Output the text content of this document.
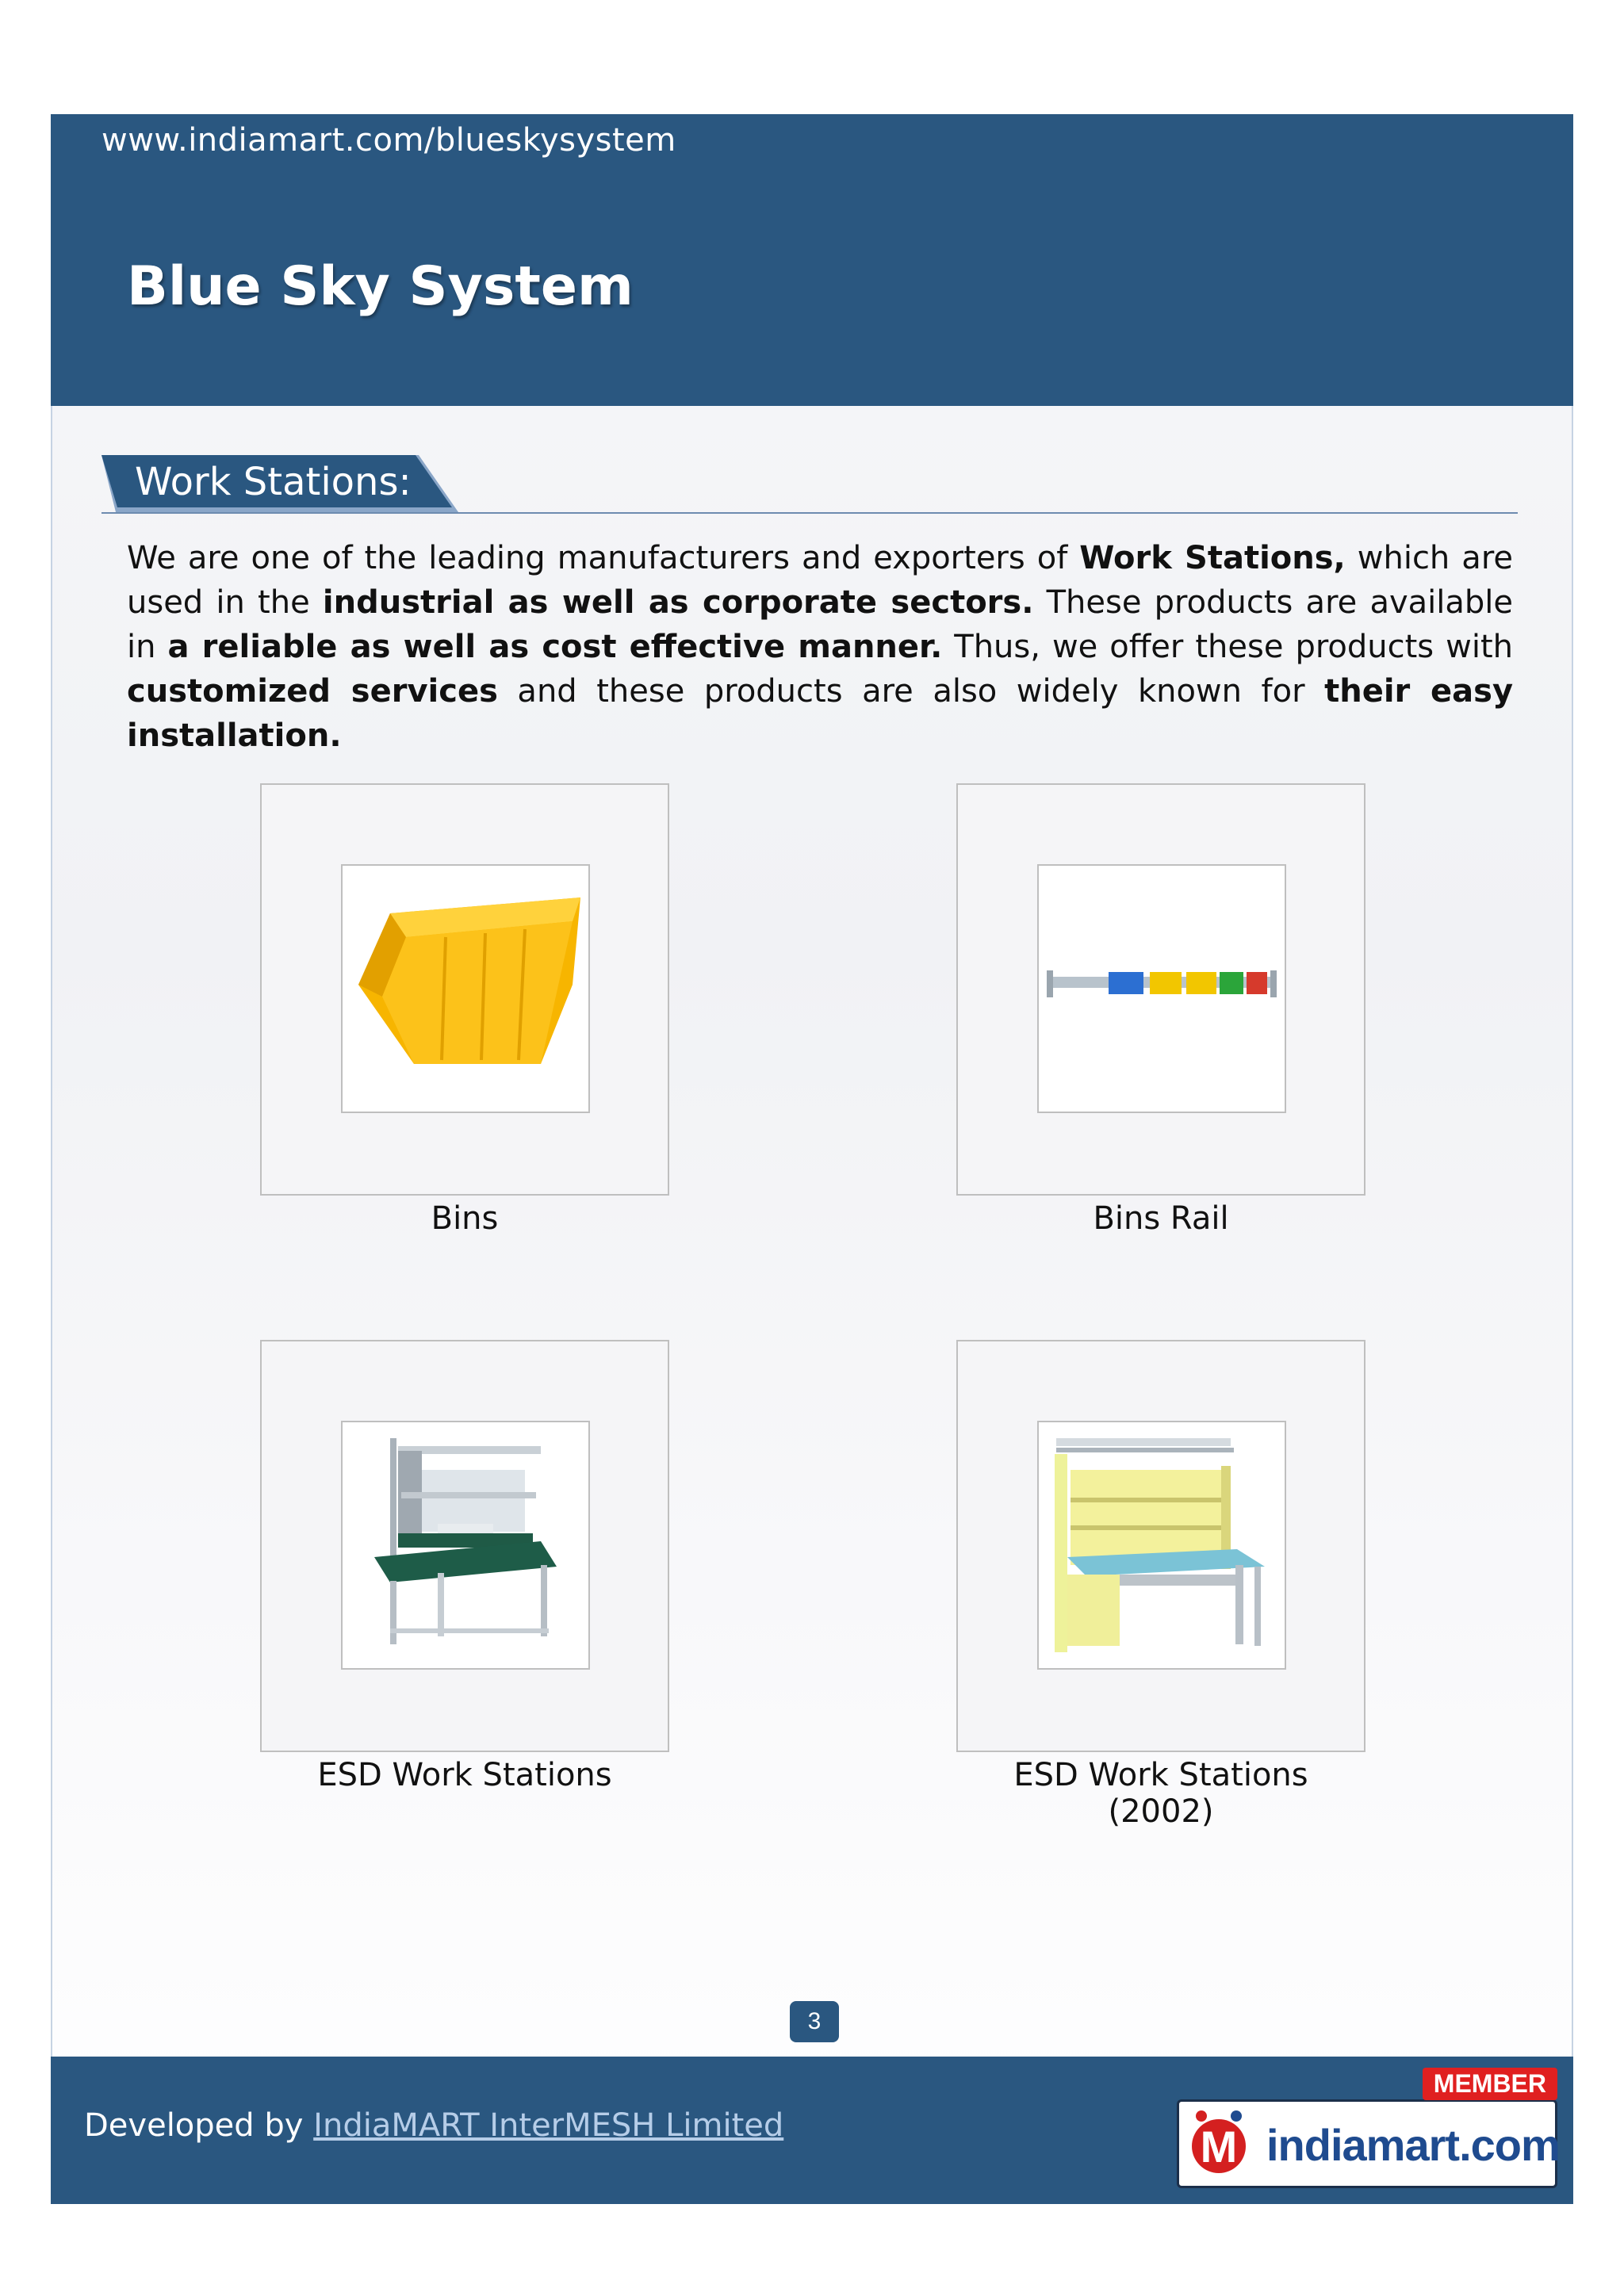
www.indiamart.com/blueskysystem
Blue Sky System
Work Stations:
We are one of the leading manufacturers and exporters of Work Stations, which are used in the industrial as well as corporate sectors. These products are available in a reliable as well as cost effective manner. Thus, we offer these products with customized services and these products are also widely known for their easy installation.
Bins	Bins Rail
ESD Work Stations	ESD Work Stations (2002)
3
Developed by IndiaMART InterMESH Limited	M indiamart.com
MEMBER
